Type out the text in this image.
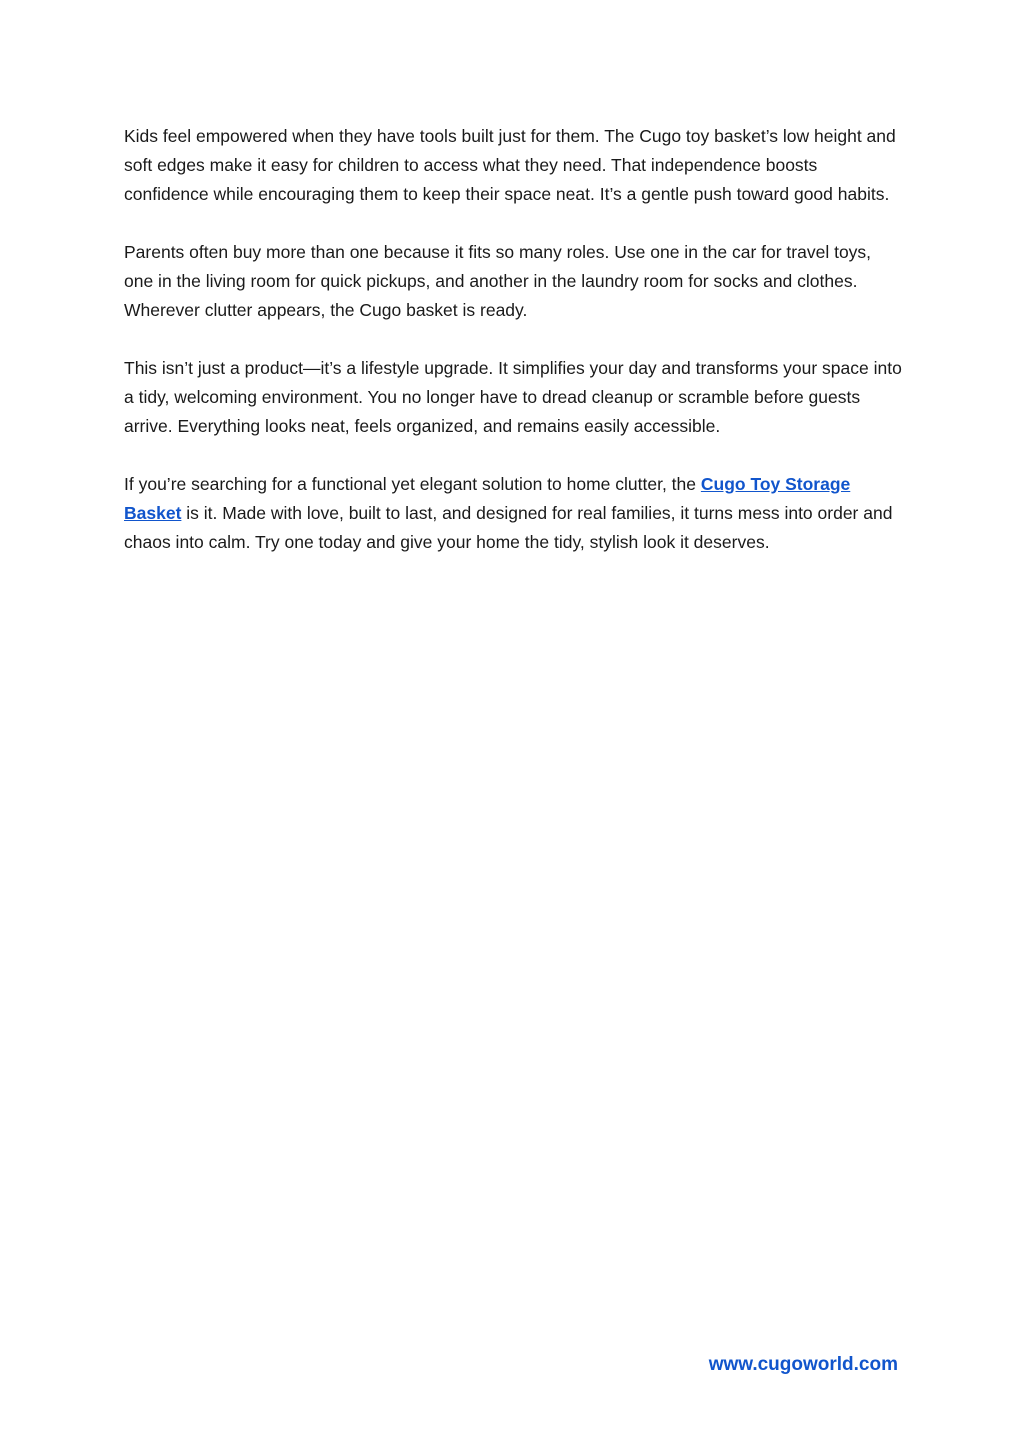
Kids feel empowered when they have tools built just for them. The Cugo toy basket’s low height and soft edges make it easy for children to access what they need. That independence boosts confidence while encouraging them to keep their space neat. It’s a gentle push toward good habits.

Parents often buy more than one because it fits so many roles. Use one in the car for travel toys, one in the living room for quick pickups, and another in the laundry room for socks and clothes. Wherever clutter appears, the Cugo basket is ready.

This isn’t just a product—it’s a lifestyle upgrade. It simplifies your day and transforms your space into a tidy, welcoming environment. You no longer have to dread cleanup or scramble before guests arrive. Everything looks neat, feels organized, and remains easily accessible.

If you’re searching for a functional yet elegant solution to home clutter, the Cugo Toy Storage Basket is it. Made with love, built to last, and designed for real families, it turns mess into order and chaos into calm. Try one today and give your home the tidy, stylish look it deserves.

www.cugoworld.com
